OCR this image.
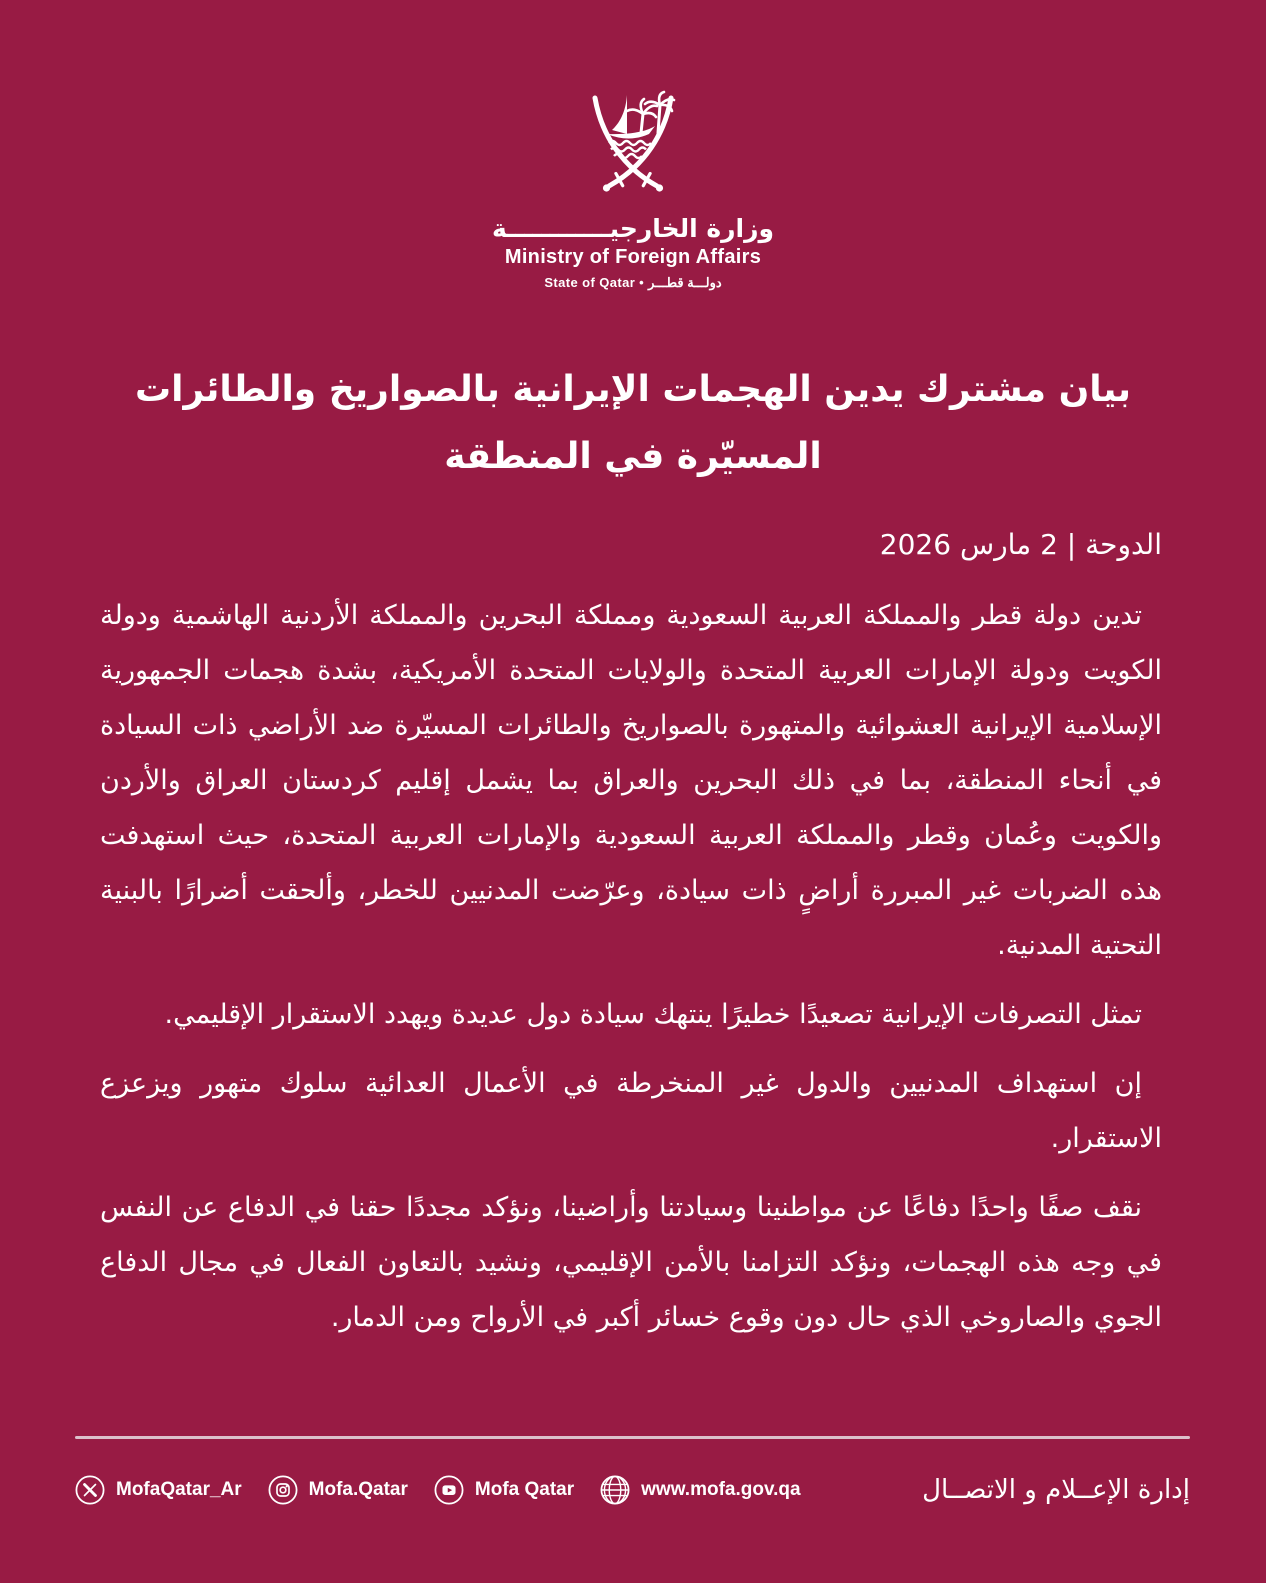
وزارة الخارجيــــــــــــة
Ministry of Foreign Affairs
State of Qatar • دولـــة قطـــر
بيان مشترك يدين الهجمات الإيرانية بالصواريخ والطائرات
المسيّرة في المنطقة
الدوحة | 2 مارس 2026

تدين دولة قطر والمملكة العربية السعودية ومملكة البحرين والمملكة الأردنية الهاشمية ودولة الكويت ودولة الإمارات العربية المتحدة والولايات المتحدة الأمريكية، بشدة هجمات الجمهورية الإسلامية الإيرانية العشوائية والمتهورة بالصواريخ والطائرات المسيّرة ضد الأراضي ذات السيادة في أنحاء المنطقة، بما في ذلك البحرين والعراق بما يشمل إقليم كردستان العراق والأردن والكويت وعُمان وقطر والمملكة العربية السعودية والإمارات العربية المتحدة، حيث استهدفت هذه الضربات غير المبررة أراضٍ ذات سيادة، وعرّضت المدنيين للخطر، وألحقت أضرارًا بالبنية التحتية المدنية.

تمثل التصرفات الإيرانية تصعيدًا خطيرًا ينتهك سيادة دول عديدة ويهدد الاستقرار الإقليمي.

إن استهداف المدنيين والدول غير المنخرطة في الأعمال العدائية سلوك متهور ويزعزع الاستقرار.

نقف صفًا واحدًا دفاعًا عن مواطنينا وسيادتنا وأراضينا، ونؤكد مجددًا حقنا في الدفاع عن النفس في وجه هذه الهجمات، ونؤكد التزامنا بالأمن الإقليمي، ونشيد بالتعاون الفعال في مجال الدفاع الجوي والصاروخي الذي حال دون وقوع خسائر أكبر في الأرواح ومن الدمار.

MofaQatar_Ar	Mofa.Qatar	Mofa Qatar	www.mofa.gov.qa	إدارة الإعــلام و الاتصــال
